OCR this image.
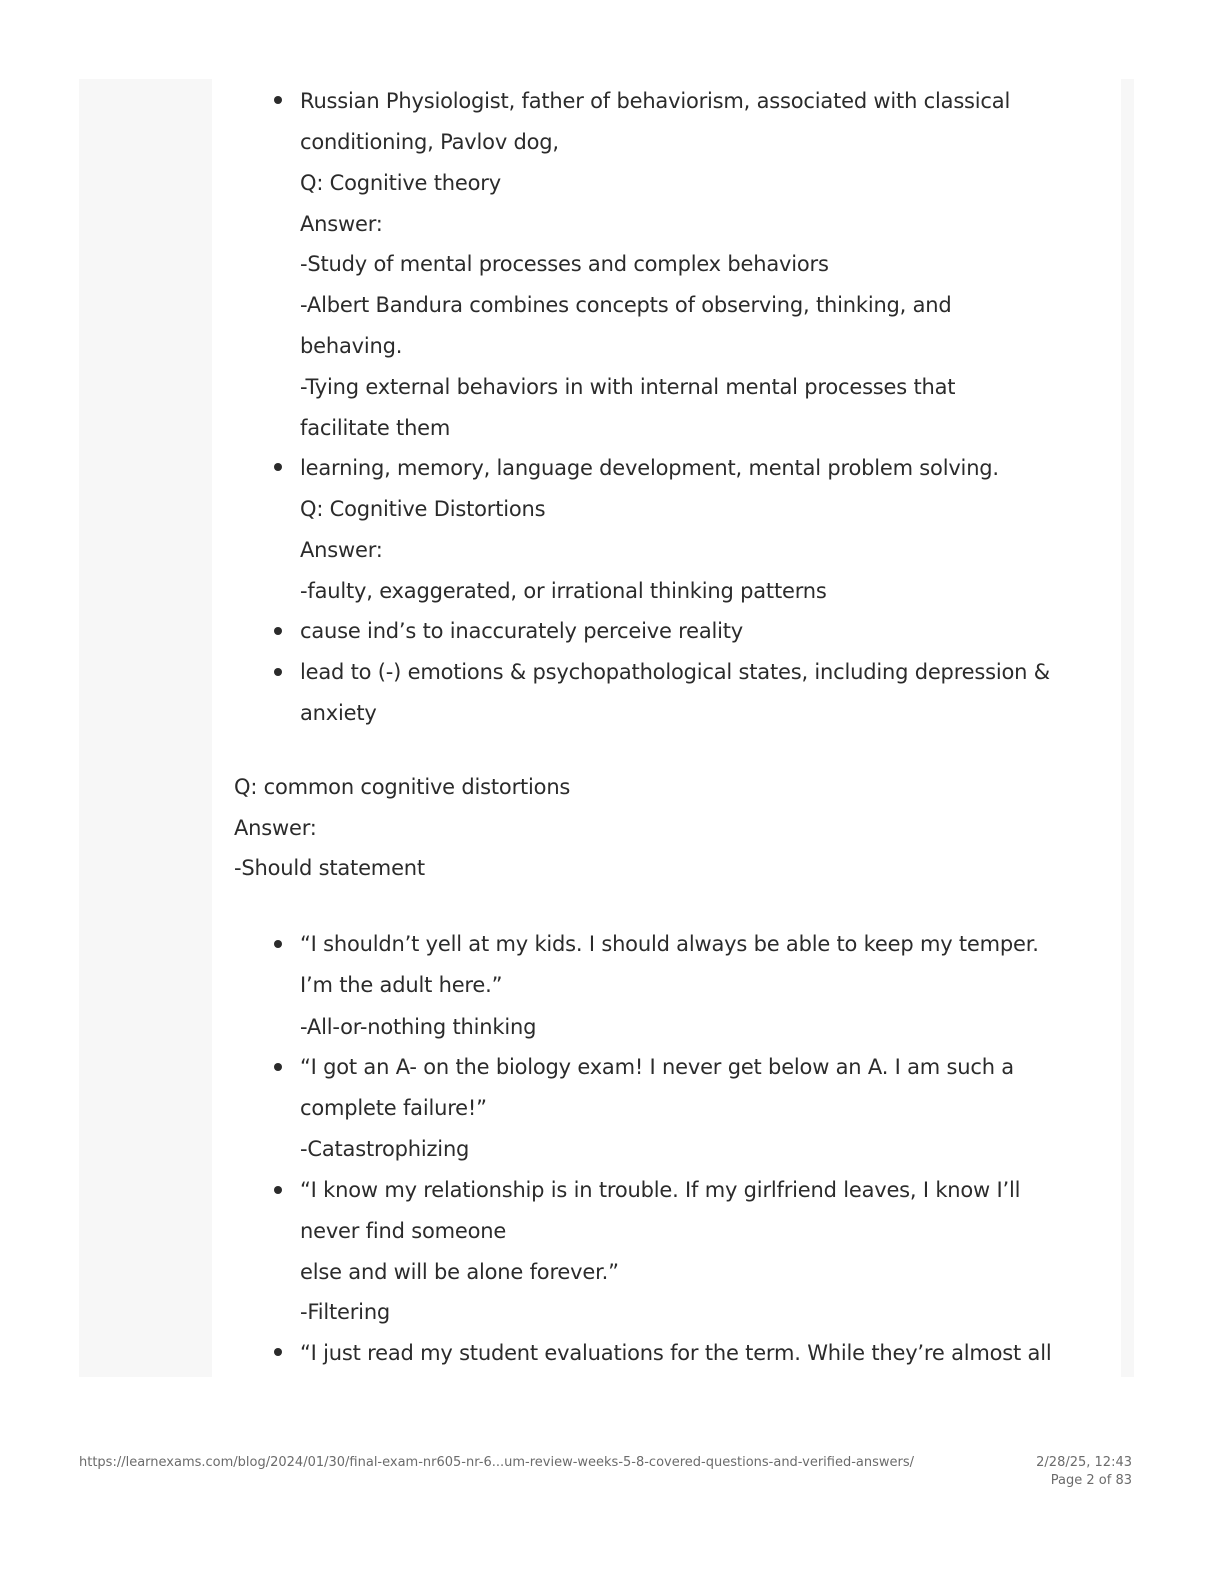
Russian Physiologist, father of behaviorism, associated with classical
conditioning, Pavlov dog,
Q: Cognitive theory
Answer:
-Study of mental processes and complex behaviors
-Albert Bandura combines concepts of observing, thinking, and
behaving.
-Tying external behaviors in with internal mental processes that
facilitate them
learning, memory, language development, mental problem solving.
Q: Cognitive Distortions
Answer:
-faulty, exaggerated, or irrational thinking patterns
cause ind’s to inaccurately perceive reality
lead to (-) emotions & psychopathological states, including depression &
anxiety
Q: common cognitive distortions
Answer:
-Should statement
“I shouldn’t yell at my kids. I should always be able to keep my temper.
I’m the adult here.”
-All-or-nothing thinking
“I got an A- on the biology exam! I never get below an A. I am such a
complete failure!”
-Catastrophizing
“I know my relationship is in trouble. If my girlfriend leaves, I know I’ll
never find someone
else and will be alone forever.”
-Filtering
“I just read my student evaluations for the term. While they’re almost all
https://learnexams.com/blog/2024/01/30/final-exam-nr605-nr-6...um-review-weeks-5-8-covered-questions-and-verified-answers/	2/28/25, 12:43
Page 2 of 83
